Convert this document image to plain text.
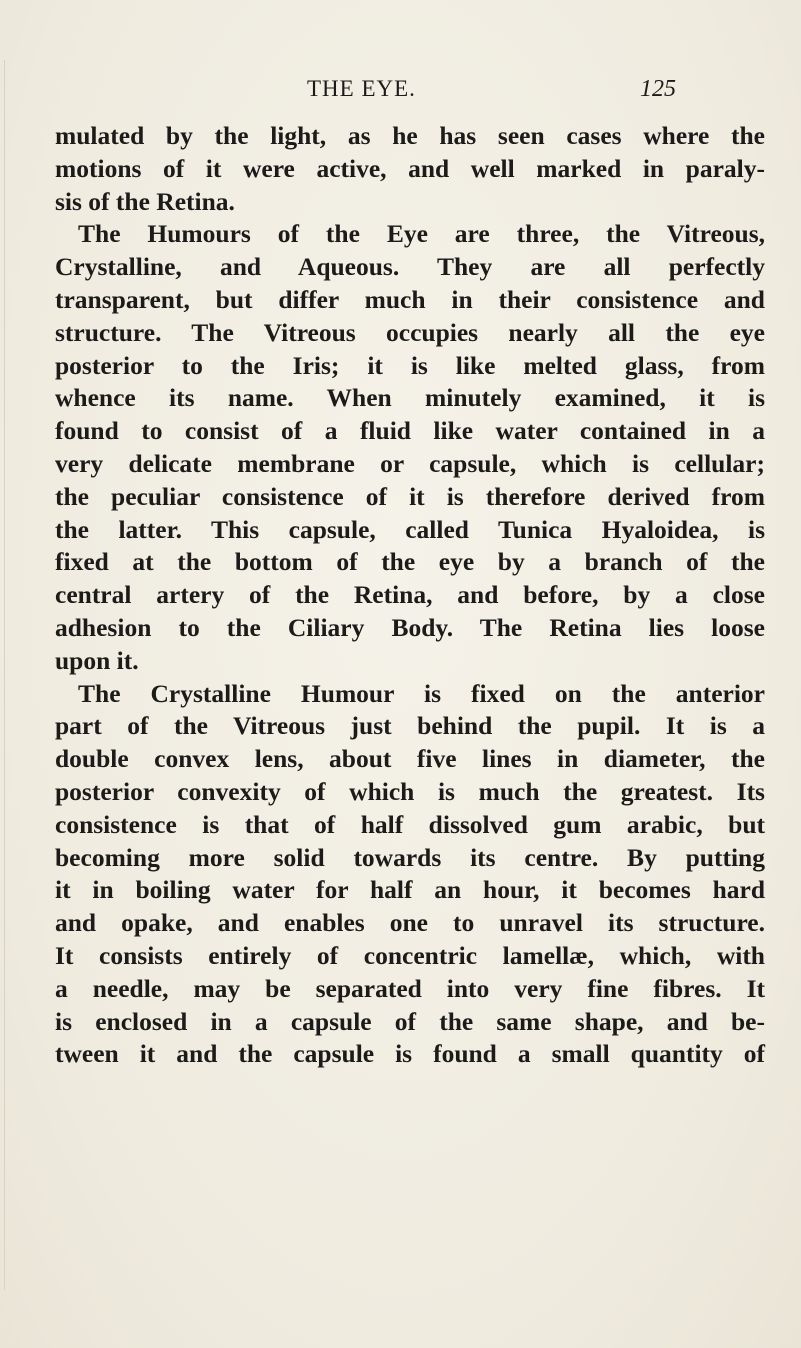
THE EYE.	125
mulated by the light, as he has seen cases where the
motions of it were active, and well marked in paraly-
sis of the Retina.
The Humours of the Eye are three, the Vitreous,
Crystalline, and Aqueous. They are all perfectly
transparent, but differ much in their consistence and
structure. The Vitreous occupies nearly all the eye
posterior to the Iris; it is like melted glass, from
whence its name. When minutely examined, it is
found to consist of a fluid like water contained in a
very delicate membrane or capsule, which is cellular;
the peculiar consistence of it is therefore derived from
the latter. This capsule, called Tunica Hyaloidea, is
fixed at the bottom of the eye by a branch of the
central artery of the Retina, and before, by a close
adhesion to the Ciliary Body. The Retina lies loose
upon it.
The Crystalline Humour is fixed on the anterior
part of the Vitreous just behind the pupil. It is a
double convex lens, about five lines in diameter, the
posterior convexity of which is much the greatest. Its
consistence is that of half dissolved gum arabic, but
becoming more solid towards its centre. By putting
it in boiling water for half an hour, it becomes hard
and opake, and enables one to unravel its structure.
It consists entirely of concentric lamellæ, which, with
a needle, may be separated into very fine fibres. It
is enclosed in a capsule of the same shape, and be-
tween it and the capsule is found a small quantity of
